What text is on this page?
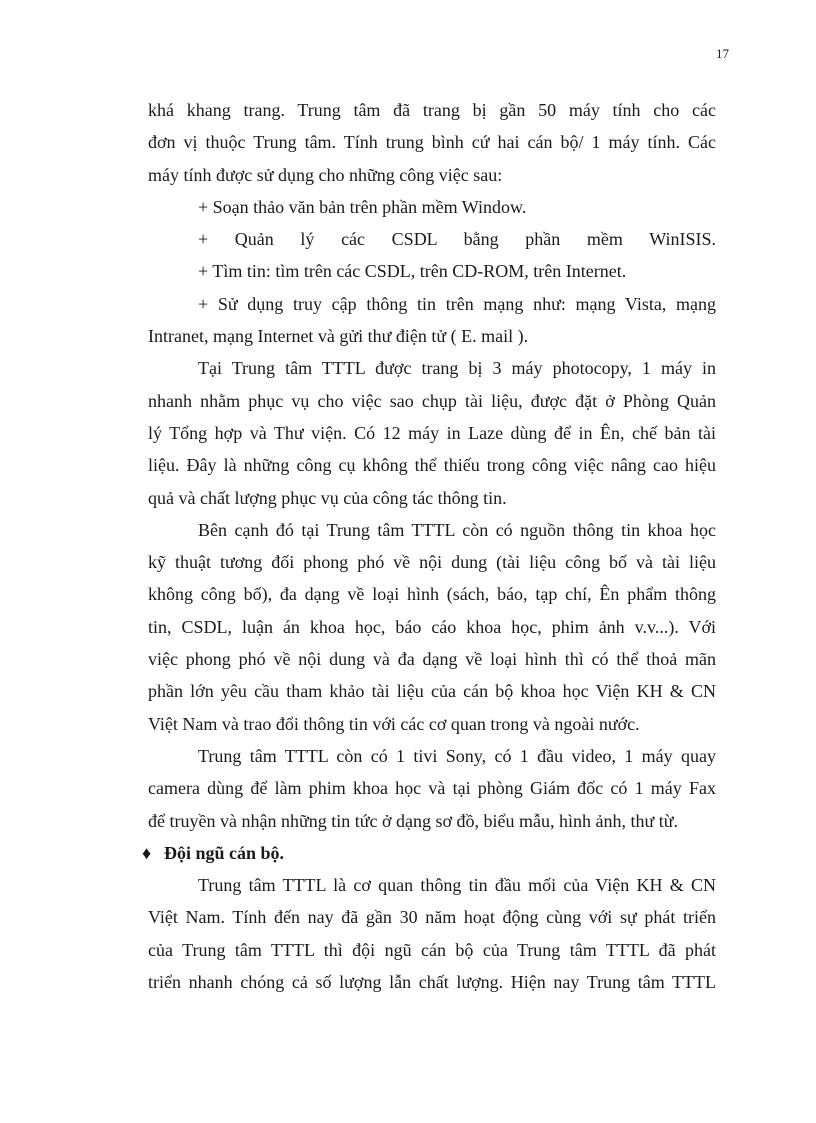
17
khá khang trang. Trung tâm đã trang bị gần 50 máy tính cho các
đơn vị thuộc Trung tâm. Tính trung bình cứ hai cán bộ/ 1 máy tính. Các
máy tính được sử dụng cho những công việc sau:
+ Soạn thảo văn bản trên phần mềm Window.
+ Quản lý các CSDL bằng phần mềm WinISIS.
+ Tìm tin: tìm trên các CSDL, trên CD-ROM, trên Internet.
+ Sử dụng truy cập thông tin trên mạng như: mạng Vista, mạng
Intranet, mạng Internet và gửi thư điện tử ( E. mail ).
Tại Trung tâm TTTL được trang bị 3 máy photocopy, 1 máy in
nhanh nhằm phục vụ cho việc sao chụp tài liệu, được đặt ở Phòng Quản
lý Tổng hợp và Thư viện. Có 12 máy in Laze dùng để in Ên, chế bản tài
liệu. Đây là những công cụ không thể thiếu trong công việc nâng cao hiệu
quả và chất lượng phục vụ của công tác thông tin.
Bên cạnh đó tại Trung tâm TTTL còn có nguồn thông tin khoa học
kỹ thuật tương đối phong phó về nội dung (tài liệu công bố và tài liệu
không công bố), đa dạng về loại hình (sách, báo, tạp chí, Ên phẩm thông
tin, CSDL, luận án khoa học, báo cáo khoa học, phim ảnh v.v...). Với
việc phong phó về nội dung và đa dạng về loại hình thì có thể thoả mãn
phần lớn yêu cầu tham khảo tài liệu của cán bộ khoa học Viện KH & CN
Việt Nam và trao đổi thông tin với các cơ quan trong và ngoài nước.
Trung tâm TTTL còn có 1 tivi Sony, có 1 đầu video, 1 máy quay
camera dùng để làm phim khoa học và tại phòng Giám đốc có 1 máy Fax
để truyền và nhận những tin tức ở dạng sơ đồ, biểu mẫu, hình ảnh, thư từ.
♦ Đội ngũ cán bộ.
Trung tâm TTTL là cơ quan thông tin đầu mối của Viện KH & CN
Việt Nam. Tính đến nay đã gần 30 năm hoạt động cùng với sự phát triển
của Trung tâm TTTL thì đội ngũ cán bộ của Trung tâm TTTL đã phát
triển nhanh chóng cả số lượng lẫn chất lượng. Hiện nay Trung tâm TTTL
